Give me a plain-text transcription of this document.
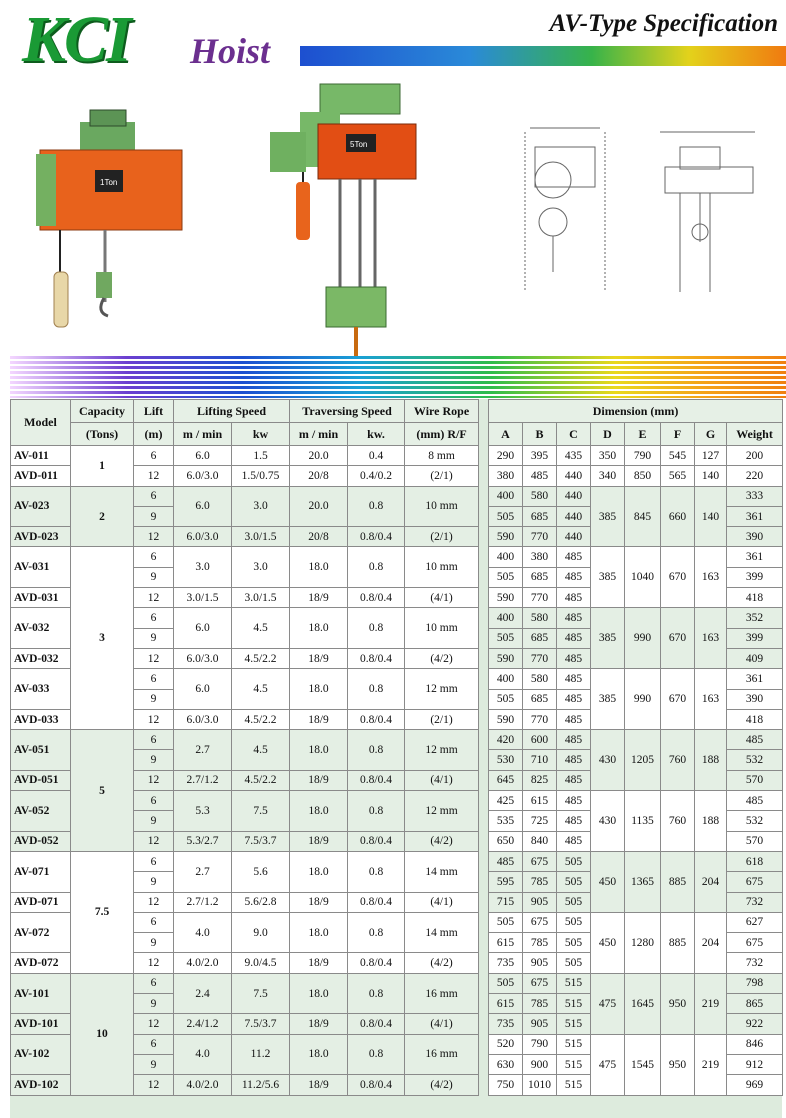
KCI Hoist
AV-Type Specification
1Ton
5Ton
Model	Capacity	Lift	Lifting Speed		Traversing Speed		Wire Rope
	(Tons)	(m)	m / min	kw	m / min	kw.	(mm) R/F
AV-011	1	6	6.0	1.5	20.0	0.4	8 mm
AVD-011		12	6.0/3.0	1.5/0.75	20/8	0.4/0.2	(2/1)
AV-023	2	6	6.0	3.0	20.0	0.8	10 mm
		9					
AVD-023		12	6.0/3.0	3.0/1.5	20/8	0.8/0.4	(2/1)
AV-031	3	6	3.0	3.0	18.0	0.8	10 mm
		9					
AVD-031		12	3.0/1.5	3.0/1.5	18/9	0.8/0.4	(4/1)
AV-032		6	6.0	4.5	18.0	0.8	10 mm
		9					
AVD-032		12	6.0/3.0	4.5/2.2	18/9	0.8/0.4	(4/2)
AV-033		6	6.0	4.5	18.0	0.8	12 mm
		9					
AVD-033		12	6.0/3.0	4.5/2.2	18/9	0.8/0.4	(2/1)
AV-051	5	6	2.7	4.5	18.0	0.8	12 mm
		9					
AVD-051		12	2.7/1.2	4.5/2.2	18/9	0.8/0.4	(4/1)
AV-052		6	5.3	7.5	18.0	0.8	12 mm
		9					
AVD-052		12	5.3/2.7	7.5/3.7	18/9	0.8/0.4	(4/2)
AV-071	7.5	6	2.7	5.6	18.0	0.8	14 mm
		9					
AVD-071		12	2.7/1.2	5.6/2.8	18/9	0.8/0.4	(4/1)
AV-072		6	4.0	9.0	18.0	0.8	14 mm
		9					
AVD-072		12	4.0/2.0	9.0/4.5	18/9	0.8/0.4	(4/2)
AV-101	10	6	2.4	7.5	18.0	0.8	16 mm
		9					
AVD-101		12	2.4/1.2	7.5/3.7	18/9	0.8/0.4	(4/1)
AV-102		6	4.0	11.2	18.0	0.8	16 mm
		9					
AVD-102		12	4.0/2.0	11.2/5.6	18/9	0.8/0.4	(4/2)
Dimension (mm)							
A	B	C	D	E	F	G	Weight
290	395	435	350	790	545	127	200
380	485	440	340	850	565	140	220
400	580	440	385	845	660	140	333
505	685	440					361
590	770	440					390
400	380	485	385	1040	670	163	361
505	685	485					399
590	770	485					418
400	580	485	385	990	670	163	352
505	685	485					399
590	770	485					409
400	580	485	385	990	670	163	361
505	685	485					390
590	770	485					418
420	600	485	430	1205	760	188	485
530	710	485					532
645	825	485					570
425	615	485	430	1135	760	188	485
535	725	485					532
650	840	485					570
485	675	505	450	1365	885	204	618
595	785	505					675
715	905	505					732
505	675	505	450	1280	885	204	627
615	785	505					675
735	905	505					732
505	675	515	475	1645	950	219	798
615	785	515					865
735	905	515					922
520	790	515	475	1545	950	219	846
630	900	515					912
750	1010	515					969
